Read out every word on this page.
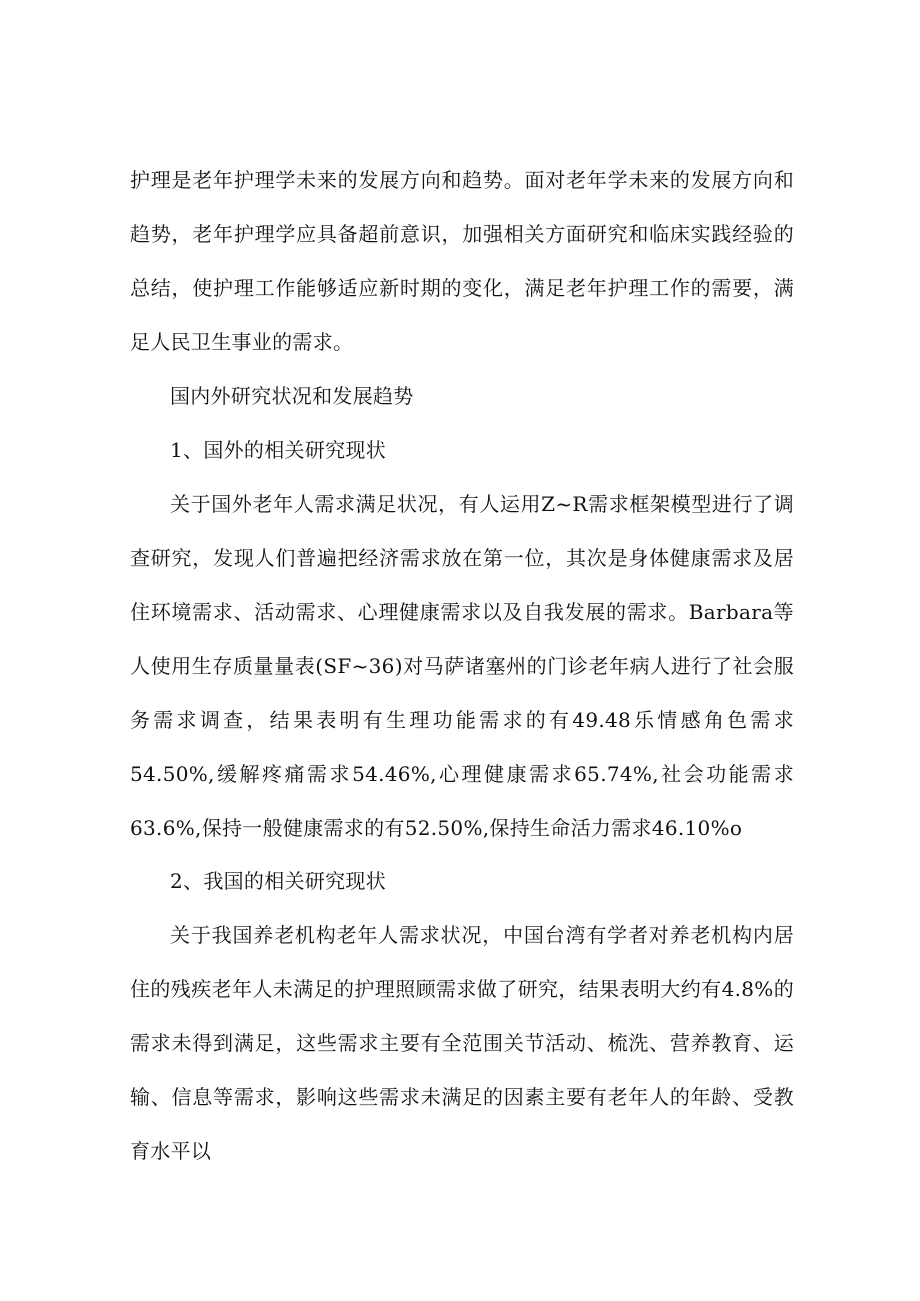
护理是老年护理学未来的发展方向和趋势。面对老年学未来的发展方向和趋势，老年护理学应具备超前意识，加强相关方面研究和临床实践经验的总结，使护理工作能够适应新时期的变化，满足老年护理工作的需要，满足人民卫生事业的需求。

国内外研究状况和发展趋势

1、国外的相关研究现状

关于国外老年人需求满足状况，有人运用Z~R需求框架模型进行了调查研究，发现人们普遍把经济需求放在第一位，其次是身体健康需求及居住环境需求、活动需求、心理健康需求以及自我发展的需求。Barbara等人使用生存质量量表(SF~36)对马萨诸塞州的门诊老年病人进行了社会服务需求调查，结果表明有生理功能需求的有49.48乐情感角色需求54.50%,缓解疼痛需求54.46%,心理健康需求65.74%,社会功能需求63.6%,保持一般健康需求的有52.50%,保持生命活力需求46.10%o

2、我国的相关研究现状

关于我国养老机构老年人需求状况，中国台湾有学者对养老机构内居住的残疾老年人未满足的护理照顾需求做了研究，结果表明大约有4.8%的需求未得到满足，这些需求主要有全范围关节活动、梳洗、营养教育、运输、信息等需求，影响这些需求未满足的因素主要有老年人的年龄、受教育水平以
